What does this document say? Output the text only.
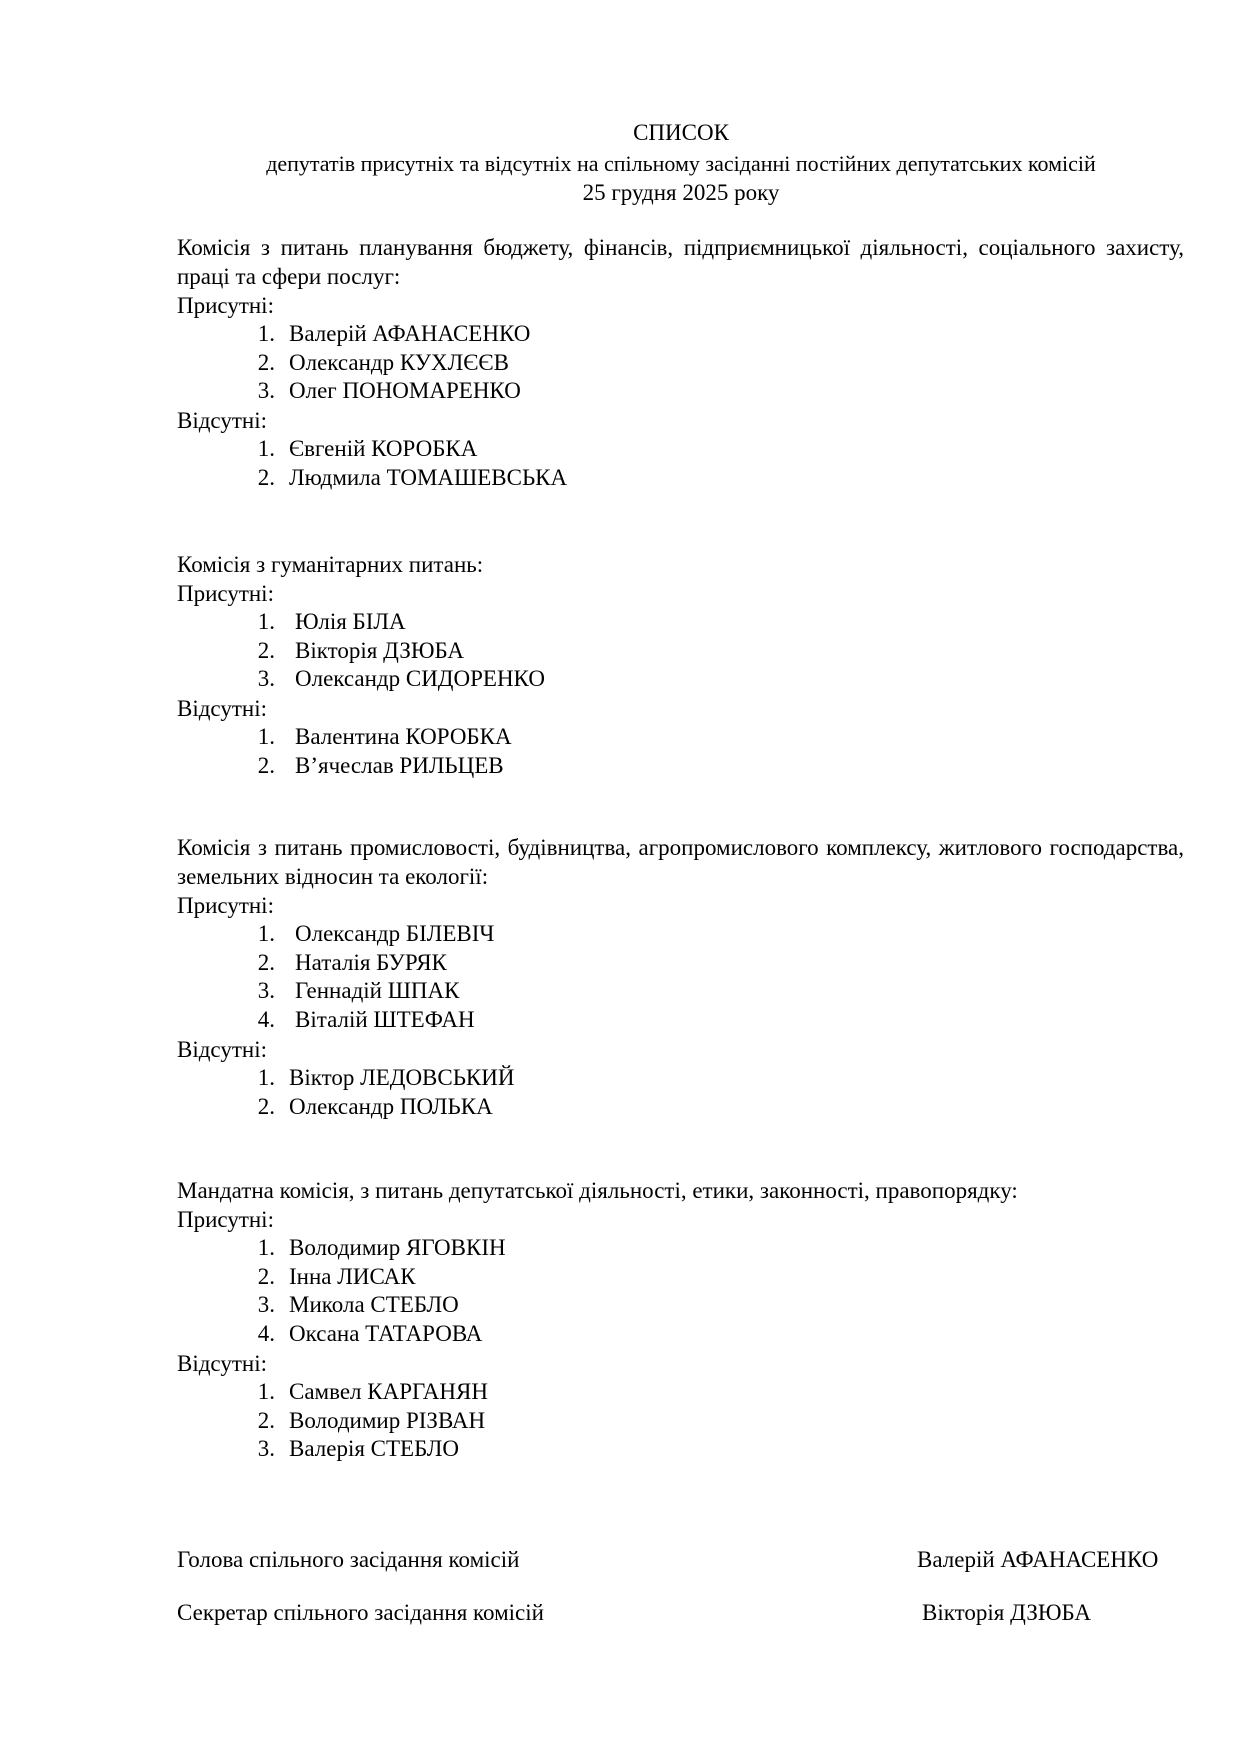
СПИСОК
депутатів присутніх та відсутніх на спільному засіданні постійних депутатських комісій
25 грудня 2025 року

Комісія з питань планування бюджету, фінансів, підприємницької діяльності, соціального захисту, праці та сфери послуг:

Присутні:

1. Валерій АФАНАСЕНКО
2. Олександр КУХЛЄЄВ
3. Олег ПОНОМАРЕНКО

Відсутні:

1. Євгеній КОРОБКА
2. Людмила ТОМАШЕВСЬКА

Комісія з гуманітарних питань:

Присутні:

1. Юлія БІЛА
2. Вікторія ДЗЮБА
3. Олександр СИДОРЕНКО

Відсутні:

1. Валентина КОРОБКА
2. В’ячеслав РИЛЬЦЕВ

Комісія з питань промисловості, будівництва, агропромислового комплексу, житлового господарства, земельних відносин та екології:

Присутні:

1. Олександр БІЛЕВІЧ
2. Наталія БУРЯК
3. Геннадій ШПАК
4. Віталій ШТЕФАН

Відсутні:

1. Віктор ЛЕДОВСЬКИЙ
2. Олександр ПОЛЬКА

Мандатна комісія, з питань депутатської діяльності, етики, законності, правопорядку:

Присутні:

1. Володимир ЯГОВКІН
2. Інна ЛИСАК
3. Микола СТЕБЛО
4. Оксана ТАТАРОВА

Відсутні:

1. Самвел КАРГАНЯН
2. Володимир РІЗВАН
3. Валерія СТЕБЛО
Голова спільного засідання комісій	Валерій АФАНАСЕНКО
Секретар спільного засідання комісій	Вікторія ДЗЮБА
